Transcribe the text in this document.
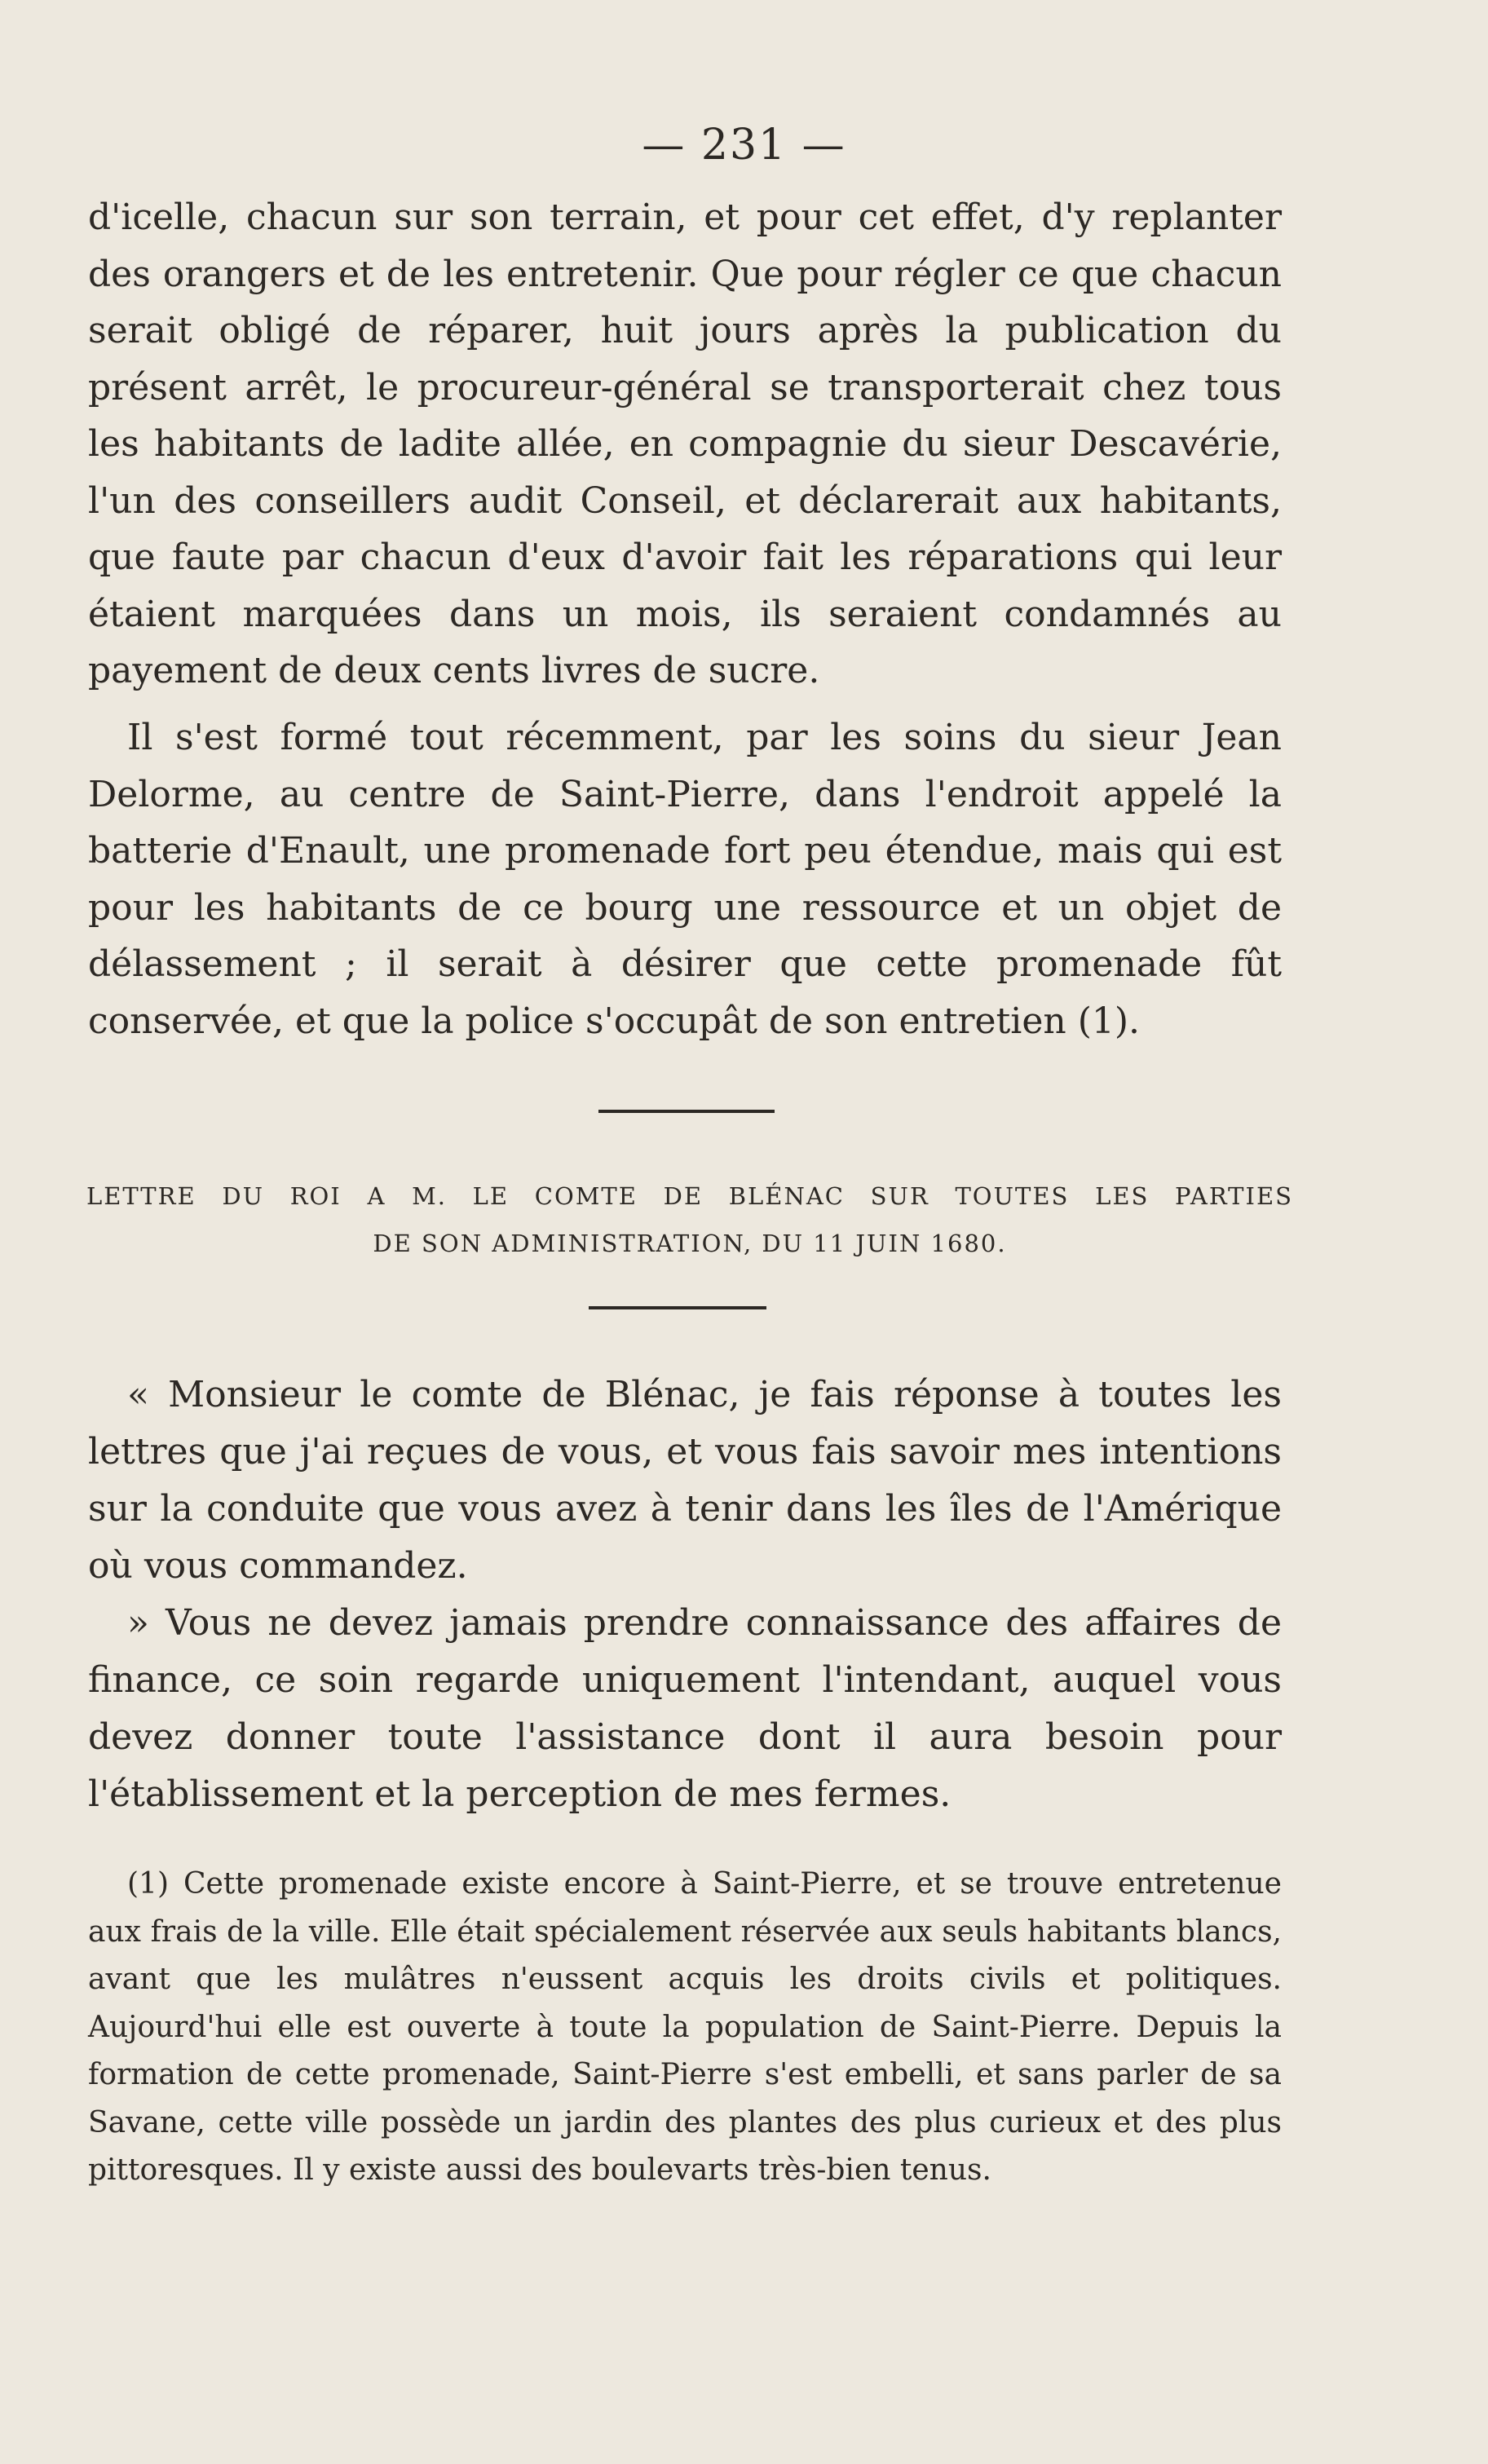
— 231 —

d'icelle, chacun sur son terrain, et pour cet effet, d'y replanter des orangers et de les entretenir. Que pour régler ce que chacun serait obligé de réparer, huit jours après la publication du présent arrêt, le procureur-général se transporterait chez tous les habitants de ladite allée, en compagnie du sieur Descavérie, l'un des conseillers audit Conseil, et déclarerait aux habitants, que faute par chacun d'eux d'avoir fait les réparations qui leur étaient marquées dans un mois, ils seraient condamnés au payement de deux cents livres de sucre.

Il s'est formé tout récemment, par les soins du sieur Jean Delorme, au centre de Saint-Pierre, dans l'endroit appelé la batterie d'Enault, une promenade fort peu étendue, mais qui est pour les habitants de ce bourg une ressource et un objet de délassement ; il serait à désirer que cette promenade fût conservée, et que la police s'occupât de son entretien (1).

LETTRE DU ROI A M. LE COMTE DE BLÉNAC SUR TOUTES LES PARTIES
DE SON ADMINISTRATION, DU 11 JUIN 1680.

« Monsieur le comte de Blénac, je fais réponse à toutes les lettres que j'ai reçues de vous, et vous fais savoir mes intentions sur la conduite que vous avez à tenir dans les îles de l'Amérique où vous commandez.

» Vous ne devez jamais prendre connaissance des affaires de finance, ce soin regarde uniquement l'intendant, auquel vous devez donner toute l'assistance dont il aura besoin pour l'établissement et la perception de mes fermes.

(1) Cette promenade existe encore à Saint-Pierre, et se trouve entretenue aux frais de la ville. Elle était spécialement réservée aux seuls habitants blancs, avant que les mulâtres n'eussent acquis les droits civils et politiques. Aujourd'hui elle est ouverte à toute la population de Saint-Pierre. Depuis la formation de cette promenade, Saint-Pierre s'est embelli, et sans parler de sa Savane, cette ville possède un jardin des plantes des plus curieux et des plus pittoresques. Il y existe aussi des boulevarts très-bien tenus.
